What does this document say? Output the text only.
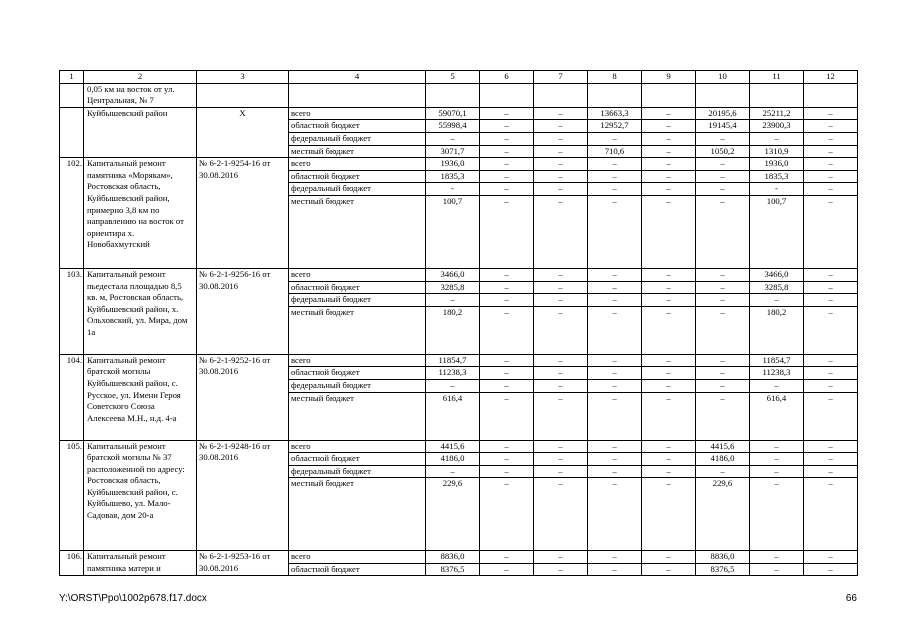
1	2	3	4	5	6	7	8	9	10	11	12
	0,05 км на восток от ул. Центральная, № 7										
	Куйбышевский район	Х	всего	59070,1	–	–	13663,3	–	20195,6	25211,2	–
			областной бюджет	55998,4	–	–	12952,7	–	19145,4	23900,3	–
			федеральный бюджет	–	–	–	–	–	–	–	–
			местный бюджет	3071,7	–	–	710,6	–	1050,2	1310,9	–
102.	Капитальный ремонт памятника «Морякам», Ростовская область, Куйбышевский район, примерно 3,8 км по направлению на восток от ориентира х. Новобахмутский	№ 6-2-1-9254-16 от 30.08.2016	всего	1936,0	–	–	–	–	–	1936,0	–
			областной бюджет	1835,3	–	–	–	–	–	1835,3	–
			федеральный бюджет	-	–	–	–	–	–	-	–
			местный бюджет	100,7	–	–	–	–	–	100,7	–
103.	Капитальный ремонт пьедестала площадью 8,5 кв. м, Ростовская область, Куйбышевский район, х. Ольховский, ул. Мира, дом 1а	№ 6-2-1-9256-16 от 30.08.2016	всего	3466,0	–	–	–	–	–	3466,0	–
			областной бюджет	3285,8	–	–	–	–	–	3285,8	–
			федеральный бюджет	–	–	–	–	–	–	–	–
			местный бюджет	180,2	–	–	–	–	–	180,2	–
104.	Капитальный ремонт братской могилы Куйбышевский район, с. Русское, ул. Имени Героя Советского Союза Алексеева М.Н., н.д. 4-а	№ 6-2-1-9252-16 от 30.08.2016	всего	11854,7	–	–	–	–	–	11854,7	–
			областной бюджет	11238,3	–	–	–	–	–	11238,3	–
			федеральный бюджет	–	–	–	–	–	–	–	–
			местный бюджет	616,4	–	–	–	–	–	616,4	–
105.	Капитальный ремонт братской могилы № 37 расположенной по адресу: Ростовская область, Куйбышевский район, с. Куйбышево, ул. Мало-Садовая, дом 20-а	№ 6-2-1-9248-16 от 30.08.2016	всего	4415,6	–	–	–	–	4415,6	–	–
			областной бюджет	4186,0	–	–	–	–	4186,0	–	–
			федеральный бюджет	–	–	–	–	–	–	–	–
			местный бюджет	229,6	–	–	–	–	229,6	–	–
106.	Капитальный ремонт памятника матери и	№ 6-2-1-9253-16 от 30.08.2016	всего	8836,0	–	–	–	–	8836,0	–	–
			областной бюджет	8376,5	–	–	–	–	8376,5	–	–
Y:\ORST\Ppo\1002p678.f17.docx	66
